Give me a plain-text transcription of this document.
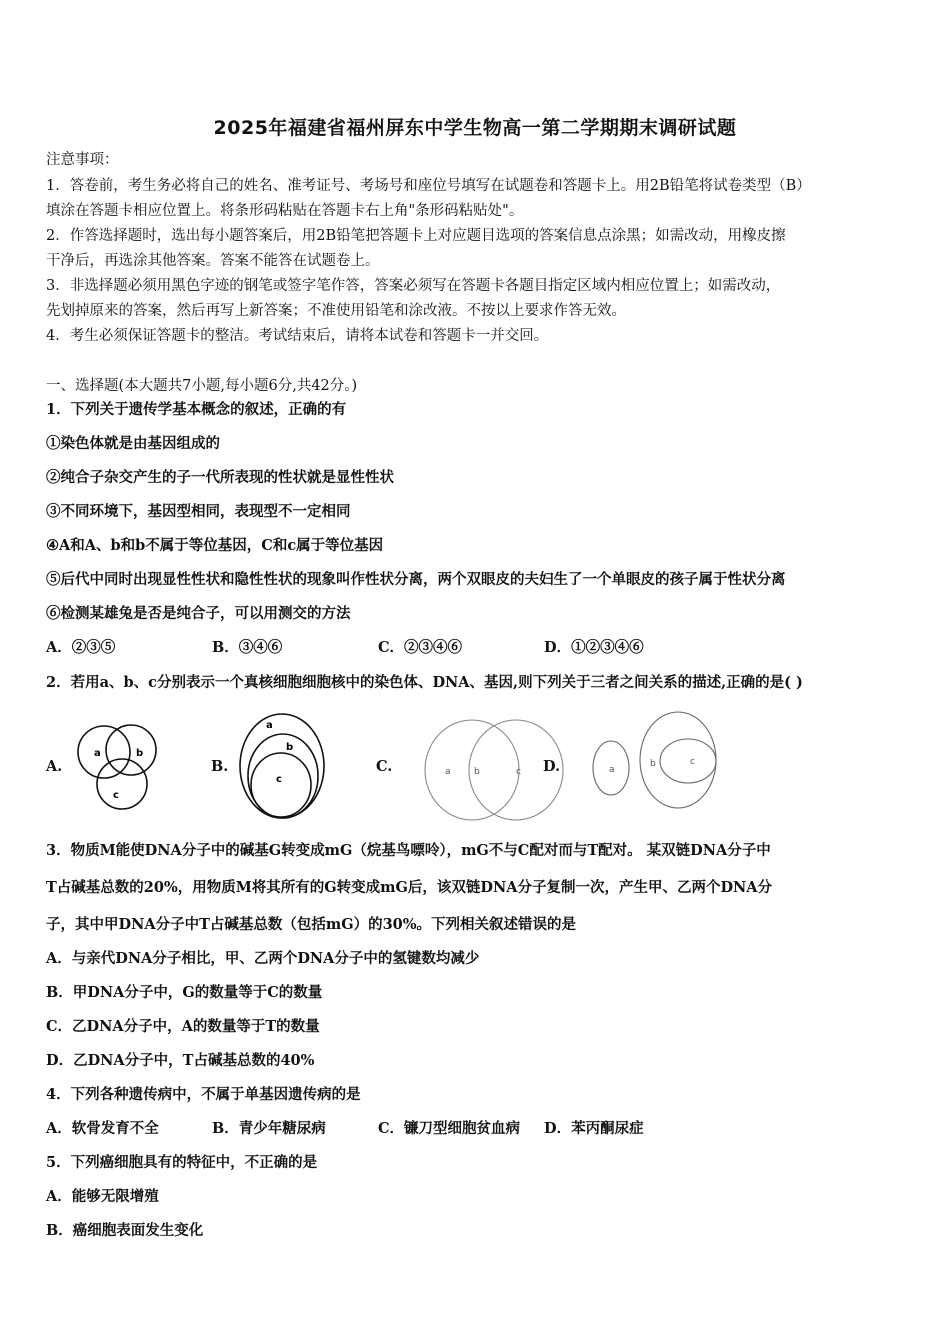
2025年福建省福州屏东中学生物高一第二学期期末调研试题
注意事项：
1．答卷前，考生务必将自己的姓名、准考证号、考场号和座位号填写在试题卷和答题卡上。用2B铅笔将试卷类型（B）
填涂在答题卡相应位置上。将条形码粘贴在答题卡右上角"条形码粘贴处"。
2．作答选择题时，选出每小题答案后，用2B铅笔把答题卡上对应题目选项的答案信息点涂黑；如需改动，用橡皮擦
干净后，再选涂其他答案。答案不能答在试题卷上。
3．非选择题必须用黑色字迹的钢笔或签字笔作答，答案必须写在答题卡各题目指定区域内相应位置上；如需改动，
先划掉原来的答案，然后再写上新答案；不准使用铅笔和涂改液。不按以上要求作答无效。
4．考生必须保证答题卡的整洁。考试结束后，请将本试卷和答题卡一并交回。
一、选择题(本大题共7小题,每小题6分,共42分。)
1．下列关于遗传学基本概念的叙述，正确的有
①染色体就是由基因组成的
②纯合子杂交产生的子一代所表现的性状就是显性性状
③不同环境下，基因型相同，表现型不一定相同
④A和A、b和b不属于等位基因，C和c属于等位基因
⑤后代中同时出现显性性状和隐性性状的现象叫作性状分离，两个双眼皮的夫妇生了一个单眼皮的孩子属于性状分离
⑥检测某雄兔是否是纯合子，可以用测交的方法
A．②③⑤	B．③④⑥	C．②③④⑥	D．①②③④⑥
2．若用a、b、c分别表示一个真核细胞细胞核中的染色体、DNA、基因,则下列关于三者之间关系的描述,正确的是( )
A.
a	b
c
B.
a
b
c
C.	a	b	c D.	a
b	c
3．物质M能使DNA分子中的碱基G转变成mG（烷基鸟嘌呤），mG不与C配对而与T配对。 某双链DNA分子中
T占碱基总数的20%，用物质M将其所有的G转变成mG后，该双链DNA分子复制一次，产生甲、乙两个DNA分
子，其中甲DNA分子中T占碱基总数（包括mG）的30%。下列相关叙述错误的是
A．与亲代DNA分子相比，甲、乙两个DNA分子中的氢键数均减少
B．甲DNA分子中，G的数量等于C的数量
C．乙DNA分子中，A的数量等于T的数量
D．乙DNA分子中，T占碱基总数的40%
4．下列各种遗传病中，不属于单基因遗传病的是
A．软骨发育不全	B．青少年糖尿病	C．镰刀型细胞贫血病 D．苯丙酮尿症
5．下列癌细胞具有的特征中，不正确的是
A．能够无限增殖
B．癌细胞表面发生变化
